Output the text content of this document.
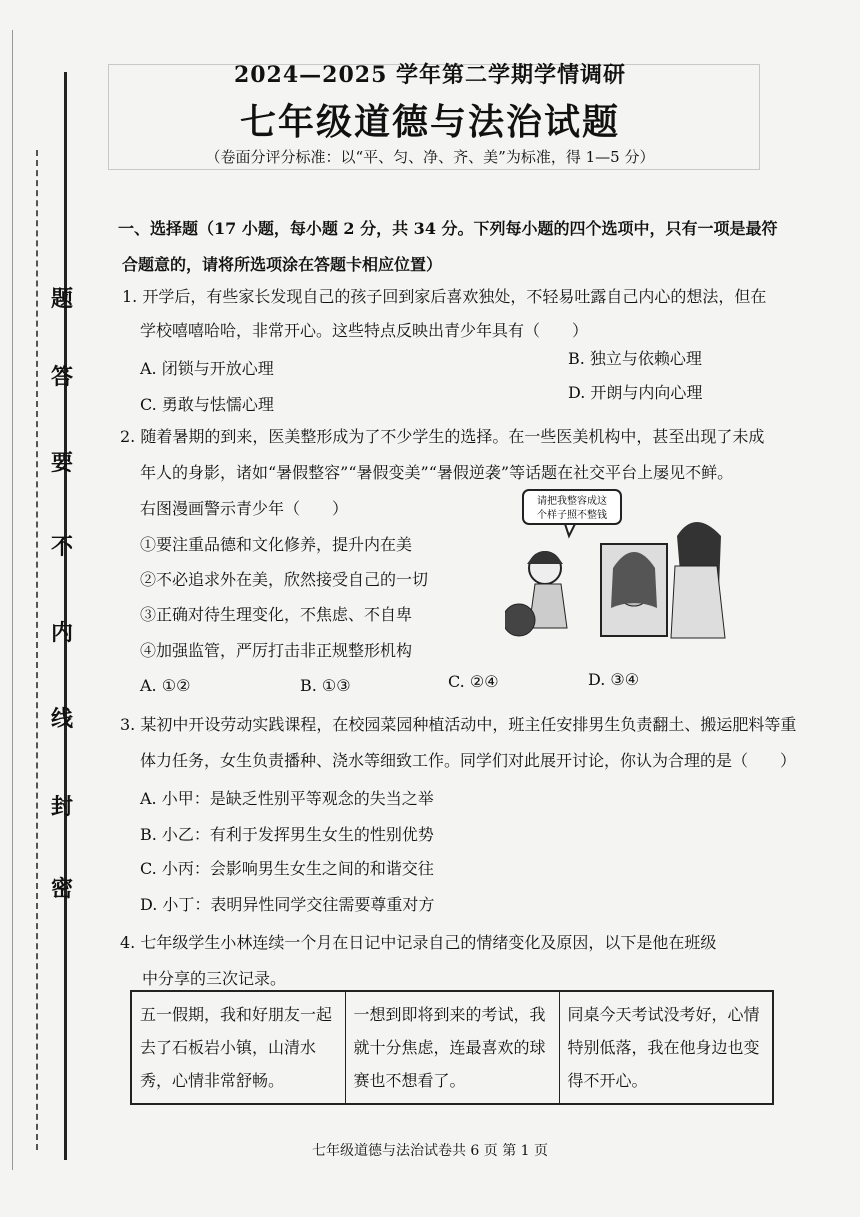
题
答
要
不
内
线
封
密
2024—2025 学年第二学期学情调研
七年级道德与法治试题
（卷面分评分标准：以“平、匀、净、齐、美”为标准，得 1—5 分）
一、选择题（17 小题，每小题 2 分，共 34 分。下列每小题的四个选项中，只有一项是最符
合题意的，请将所选项涂在答题卡相应位置）
1. 开学后，有些家长发现自己的孩子回到家后喜欢独处，不轻易吐露自己内心的想法，但在
学校嘻嘻哈哈，非常开心。这些特点反映出青少年具有（　　）
A. 闭锁与开放心理
B. 独立与依赖心理
C. 勇敢与怯懦心理
D. 开朗与内向心理
2. 随着暑期的到来，医美整形成为了不少学生的选择。在一些医美机构中，甚至出现了未成
年人的身影，诸如“暑假整容”“暑假变美”“暑假逆袭”等话题在社交平台上屡见不鲜。
右图漫画警示青少年（　　）
①要注重品德和文化修养，提升内在美
②不必追求外在美，欣然接受自己的一切
③正确对待生理变化，不焦虑、不自卑
④加强监管，严厉打击非正规整形机构
A. ①②	B. ①③	C. ②④	D. ③④
请把我整容成这
个样子照不整钱
3. 某初中开设劳动实践课程，在校园菜园种植活动中，班主任安排男生负责翻土、搬运肥料等重
体力任务，女生负责播种、浇水等细致工作。同学们对此展开讨论，你认为合理的是（　　）
A. 小甲：是缺乏性别平等观念的失当之举
B. 小乙：有利于发挥男生女生的性别优势
C. 小丙：会影响男生女生之间的和谐交往
D. 小丁：表明异性同学交往需要尊重对方
4. 七年级学生小林连续一个月在日记中记录自己的情绪变化及原因，以下是他在班级
中分享的三次记录。
五一假期，我和好朋友一起去了石板岩小镇，山清水秀，心情非常舒畅。	一想到即将到来的考试，我就十分焦虑，连最喜欢的球赛也不想看了。	同桌今天考试没考好，心情特别低落，我在他身边也变得不开心。
七年级道德与法治试卷共 6 页 第 1 页
